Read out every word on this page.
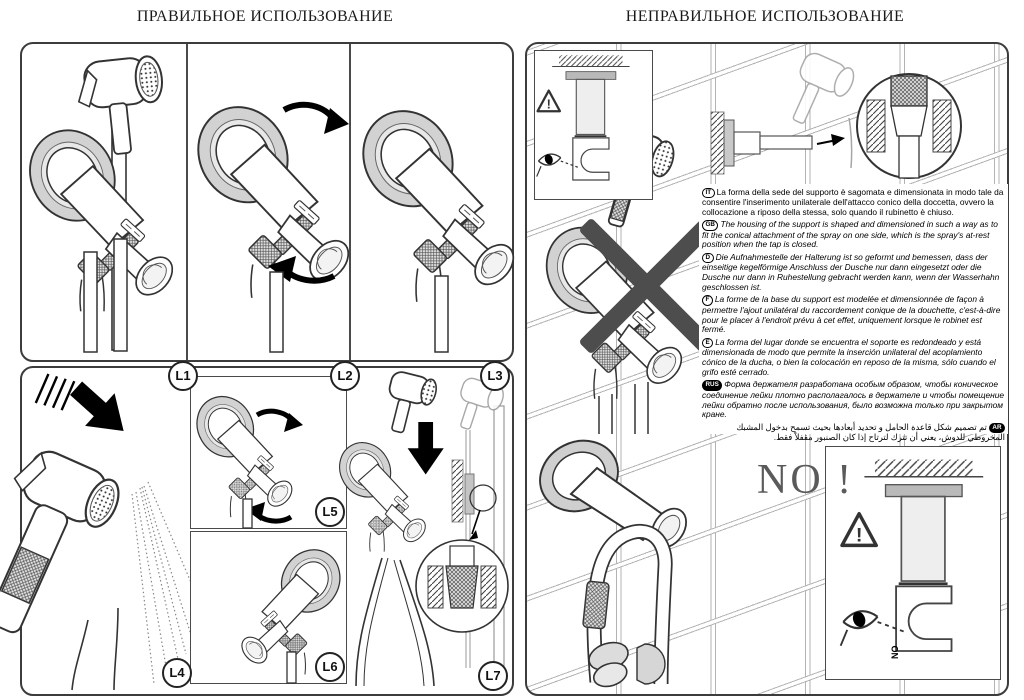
!
ПРАВИЛЬНОЕ ИСПОЛЬЗОВАНИЕ	НЕПРАВИЛЬНОЕ ИСПОЛЬЗОВАНИЕ
L1	L2	L3
L5
L6
L4	L7

IT La forma della sede del supporto è sagomata e dimensionata in modo tale da consentire l'inserimento unilaterale dell'attacco conico della doccetta, ovvero la collocazione a riposo della stessa, solo quando il rubinetto è chiuso.

GB The housing of the support is shaped and dimensioned in such a way as to fit the conical attachment of the spray on one side, which is the spray's at-rest position when the tap is closed.

D Die Aufnahmestelle der Halterung ist so geformt und bemessen, dass der einseitige kegelförmige Anschluss der Dusche nur dann eingesetzt oder die Dusche nur dann in Ruhestellung gebracht werden kann, wenn der Wasserhahn geschlossen ist.

F La forme de la base du support est modelée et dimensionnée de façon à permettre l'ajout unilatéral du raccordement conique de la douchette, c'est-à-dire pour le placer à l'endroit prévu à cet effet, uniquement lorsque le robinet est fermé.

E La forma del lugar donde se encuentra el soporte es redondeado y está dimensionada de modo que permite la inserción unilateral del acoplamiento cónico de la ducha, o bien la colocación en reposo de la misma, sólo cuando el grifo esté cerrado.

RUS Форма держателя разработана особым образом, чтобы коническое соединение лейки плотно располагалось в держателе и чтобы помещение лейки обратно после использования, было возможна только при закрытом кране.

ARتم تصميم شكل قاعدة الحامل و تحديد أبعادها بحيث تسمح بدخول المشبك المخروطي للدوش، يعني أن تترك لترتاح إذا كان الصنبور مقفلاً فقط.

NO !
NO
